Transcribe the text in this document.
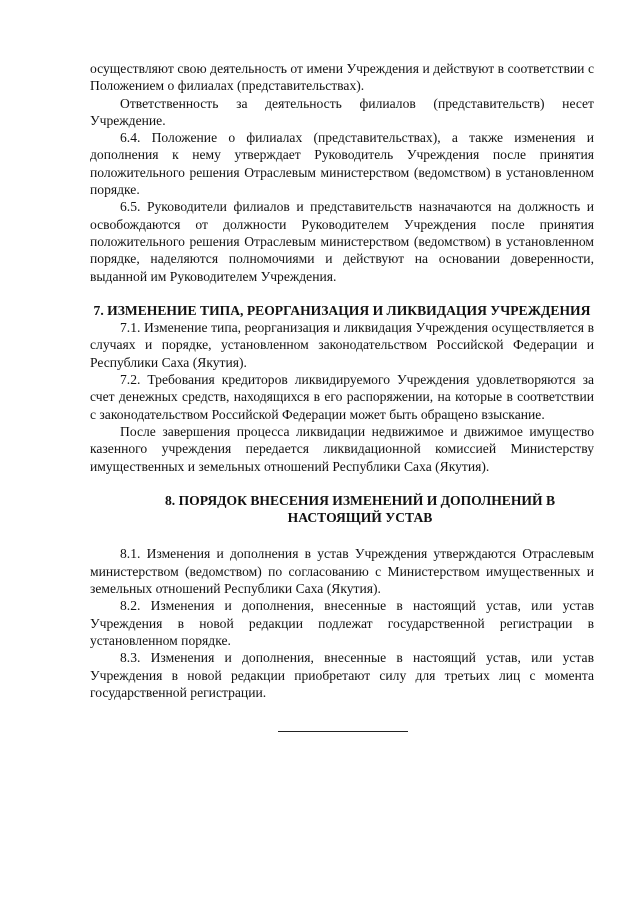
осуществляют свою деятельность от имени Учреждения и действуют в соответствии с Положением о филиалах (представительствах).

Ответственность за деятельность филиалов (представительств) несет Учреждение.

6.4. Положение о филиалах (представительствах), а также изменения и дополнения к нему утверждает Руководитель Учреждения после принятия положительного решения Отраслевым министерством (ведомством) в установленном порядке.

6.5. Руководители филиалов и представительств назначаются на должность и освобождаются от должности Руководителем Учреждения после принятия положительного решения Отраслевым министерством (ведомством) в установленном порядке, наделяются полномочиями и действуют на основании доверенности, выданной им Руководителем Учреждения.

7. ИЗМЕНЕНИЕ ТИПА, РЕОРГАНИЗАЦИЯ И ЛИКВИДАЦИЯ УЧРЕЖДЕНИЯ

7.1. Изменение типа, реорганизация и ликвидация Учреждения осуществляется в случаях и порядке, установленном законодательством Российской Федерации и Республики Саха (Якутия).

7.2. Требования кредиторов ликвидируемого Учреждения удовлетворяются за счет денежных средств, находящихся в его распоряжении, на которые в соответствии с законодательством Российской Федерации может быть обращено взыскание.

После завершения процесса ликвидации недвижимое и движимое имущество казенного учреждения передается ликвидационной комиссией Министерству имущественных и земельных отношений Республики Саха (Якутия).

8. ПОРЯДОК ВНЕСЕНИЯ ИЗМЕНЕНИЙ И ДОПОЛНЕНИЙ В НАСТОЯЩИЙ УСТАВ

8.1. Изменения и дополнения в устав Учреждения утверждаются Отраслевым министерством (ведомством) по согласованию с Министерством имущественных и земельных отношений Республики Саха (Якутия).

8.2. Изменения и дополнения, внесенные в настоящий устав, или устав Учреждения в новой редакции подлежат государственной регистрации в установленном порядке.

8.3. Изменения и дополнения, внесенные в настоящий устав, или устав Учреждения в новой редакции приобретают силу для третьих лиц с момента государственной регистрации.
